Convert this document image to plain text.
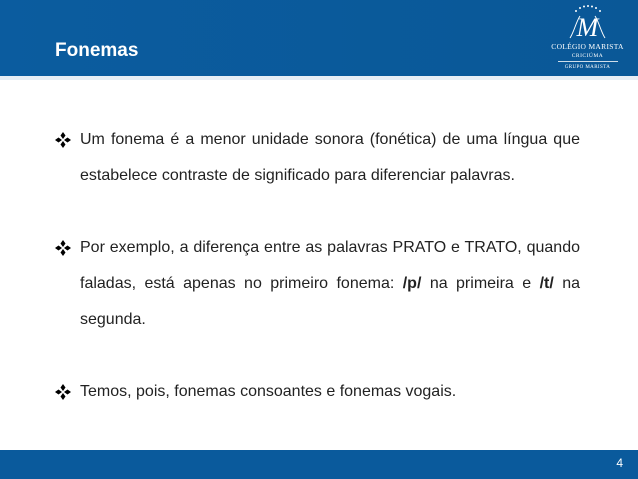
Fonemas
M
COLÉGIO MARISTA
CRICIÚMA
GRUPO MARISTA
Um fonema é a menor unidade sonora (fonética) de uma língua que estabelece contraste de significado para diferenciar palavras.
Por exemplo, a diferença entre as palavras PRATO e TRATO, quando faladas, está apenas no primeiro fonema: /p/ na primeira e /t/ na segunda.
Temos, pois, fonemas consoantes e fonemas vogais.
4
